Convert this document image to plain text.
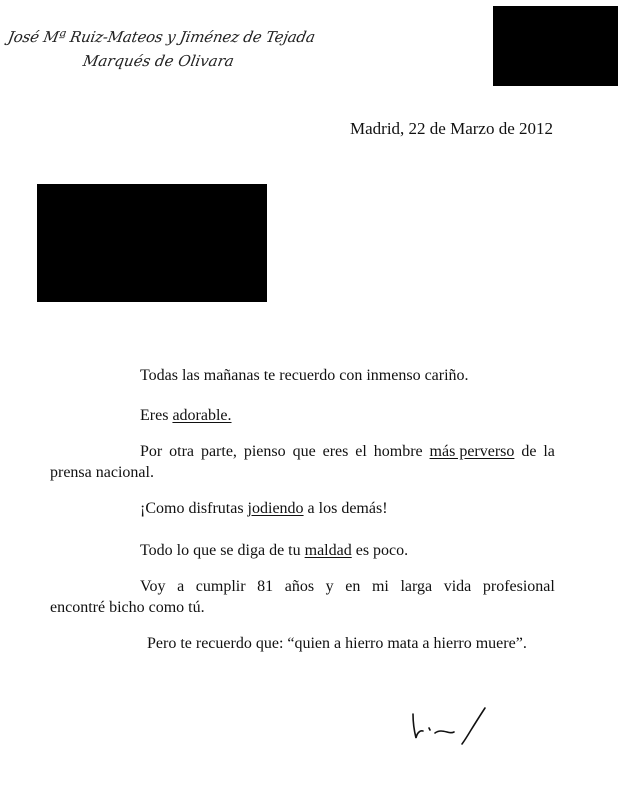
José Mª Ruiz-Mateos y Jiménez de Tejada
Marqués de Olivara
Madrid, 22 de Marzo de 2012
Todas las mañanas te recuerdo con inmenso cariño.
Eres adorable.
Por otra parte, pienso que eres el hombre más perverso de la
prensa nacional.
¡Como disfrutas jodiendo a los demás!
Todo lo que se diga de tu maldad es poco.
Voy a cumplir 81 años y en mi larga vida profesional
encontré bicho como tú.
Pero te recuerdo que: “quien a hierro mata a hierro muere”.
